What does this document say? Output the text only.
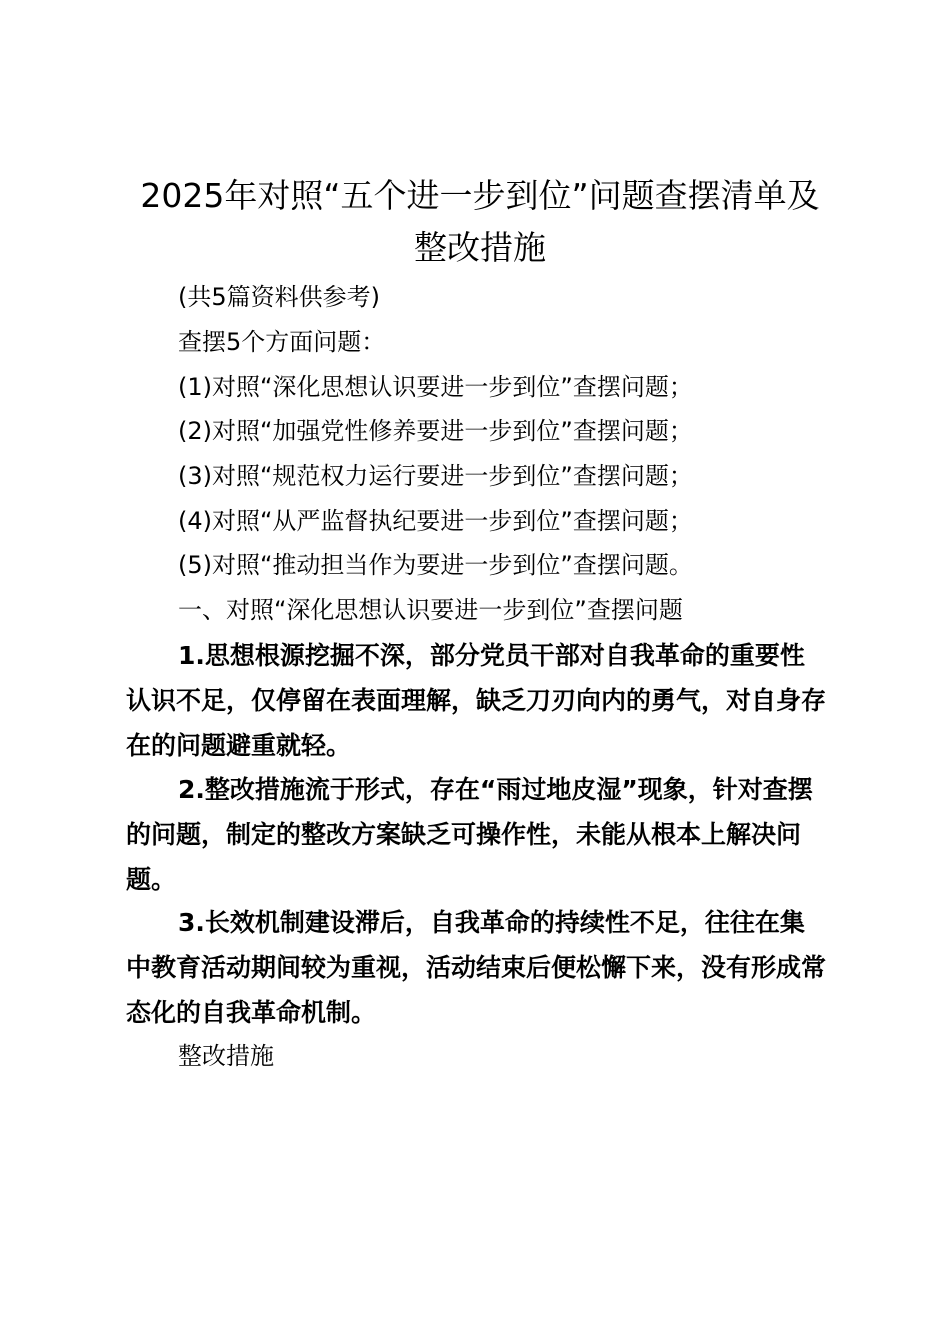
2025年对照“五个进一步到位”问题查摆清单及整改措施

(共5篇资料供参考)

查摆5个方面问题：

(1)对照“深化思想认识要进一步到位”查摆问题；

(2)对照“加强党性修养要进一步到位”查摆问题；

(3)对照“规范权力运行要进一步到位”查摆问题；

(4)对照“从严监督执纪要进一步到位”查摆问题；

(5)对照“推动担当作为要进一步到位”查摆问题。

一、对照“深化思想认识要进一步到位”查摆问题

1.思想根源挖掘不深，部分党员干部对自我革命的重要性认识不足，仅停留在表面理解，缺乏刀刃向内的勇气，对自身存在的问题避重就轻。

2.整改措施流于形式，存在“雨过地皮湿”现象，针对查摆的问题，制定的整改方案缺乏可操作性，未能从根本上解决问题。

3.长效机制建设滞后，自我革命的持续性不足，往往在集中教育活动期间较为重视，活动结束后便松懈下来，没有形成常态化的自我革命机制。

整改措施
